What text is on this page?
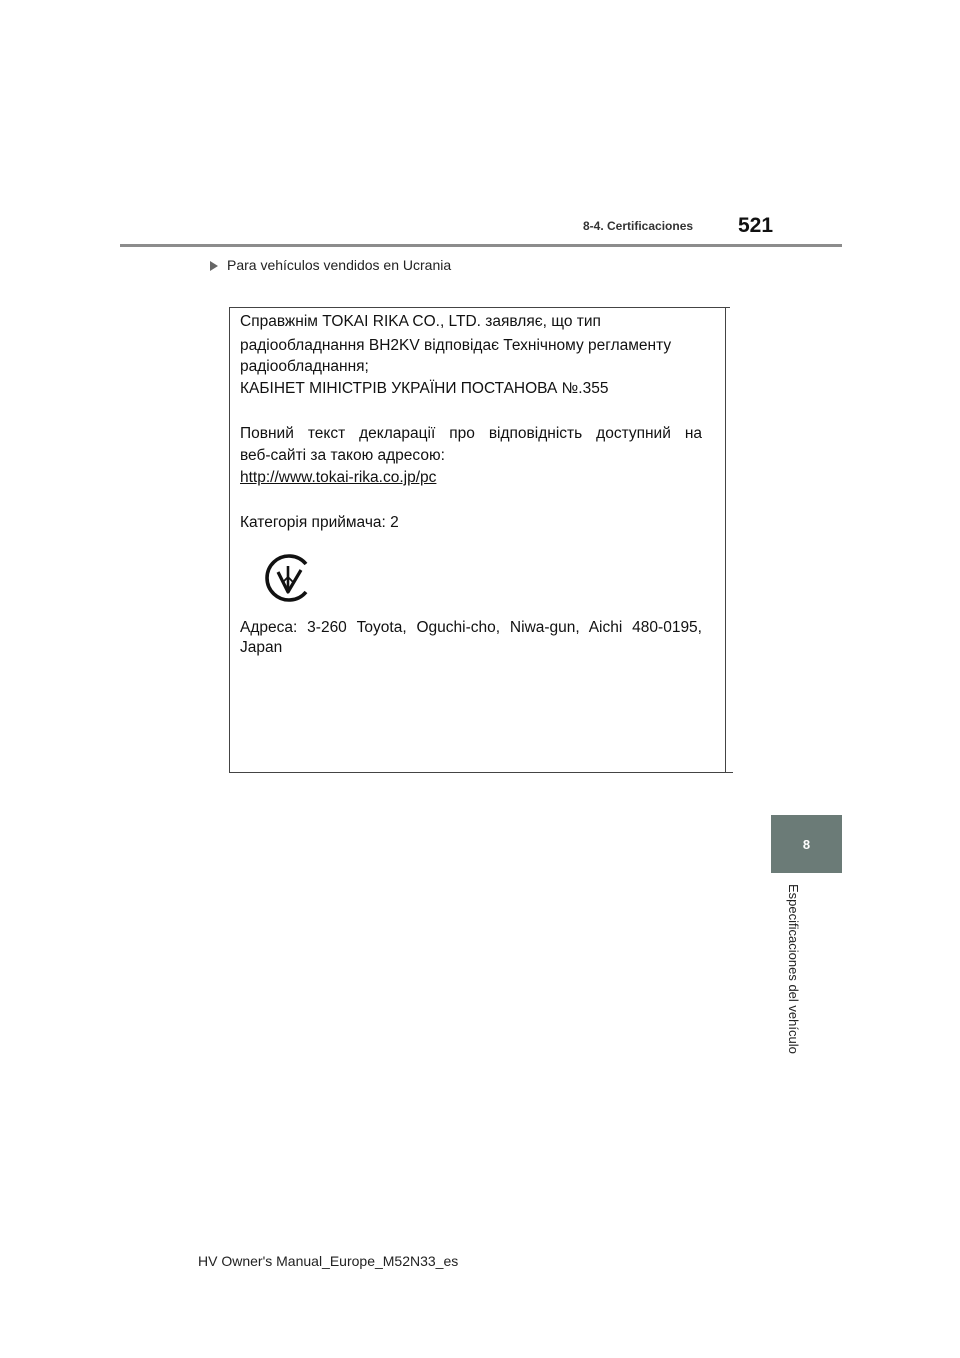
8-4. Certificaciones 521
Para vehículos vendidos en Ucrania
Справжнім TOKAI RIKA CO., LTD. заявляє, що тип
радіообладнання BH2KV відповідає Технічному регламенту
радіообладнання;
КАБІНЕТ МІНІСТРІВ УКРАЇНИ ПОСТАНОВА №.355
Повний текст декларації про відповідність доступний на
веб-сайті за такою адресою:
http://www.tokai-rika.co.jp/pc
Категорія приймача: 2
Адреса: 3-260 Toyota, Oguchi-cho, Niwa-gun, Aichi 480-0195,
Japan
8
Especificaciones del vehículo
HV Owner's Manual_Europe_M52N33_es
